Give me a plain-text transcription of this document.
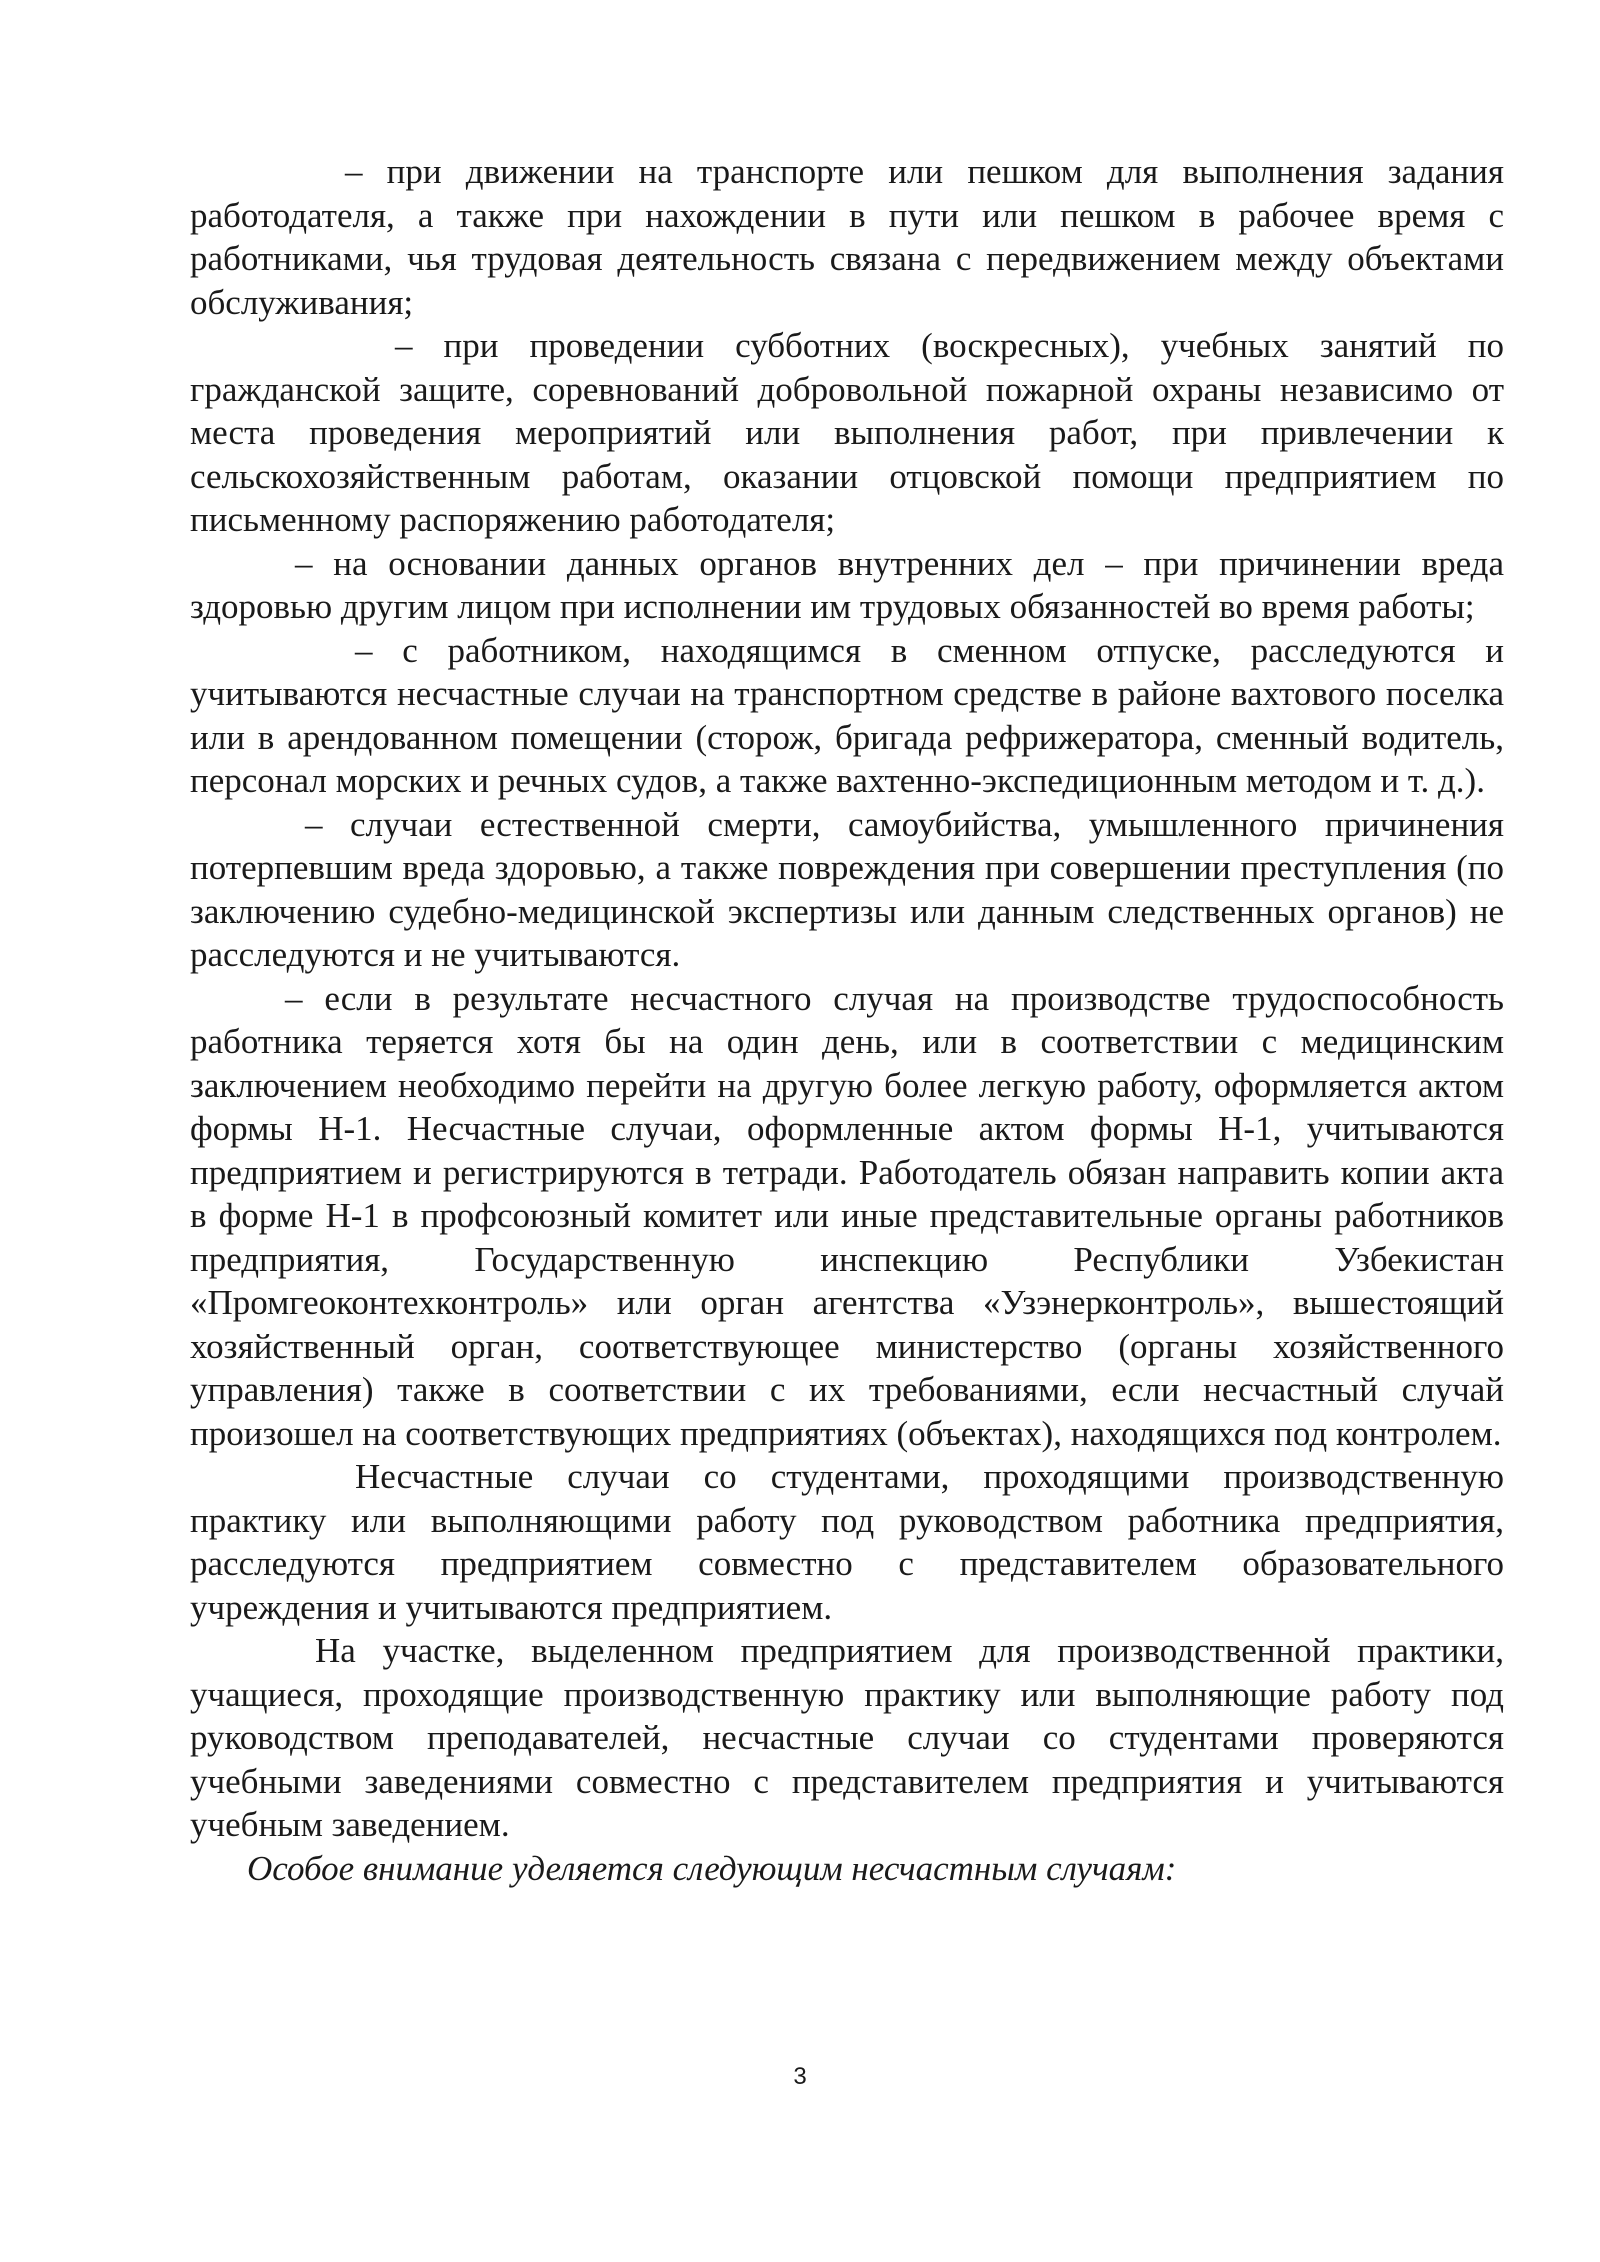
– при движении на транспорте или пешком для выполнения задания работодателя, а также при нахождении в пути или пешком в рабочее время с работниками, чья трудовая деятельность связана с передвижением между объектами обслуживания;

– при проведении субботних (воскресных), учебных занятий по гражданской защите, соревнований добровольной пожарной охраны независимо от места проведения мероприятий или выполнения работ, при привлечении к сельскохозяйственным работам, оказании отцовской помощи предприятием по письменному распоряжению работодателя;

– на основании данных органов внутренних дел – при причинении вреда здоровью другим лицом при исполнении им трудовых обязанностей во время работы;

– с работником, находящимся в сменном отпуске, расследуются и учитываются несчастные случаи на транспортном средстве в районе вахтового поселка или в арендованном помещении (сторож, бригада рефрижератора, сменный водитель, персонал морских и речных судов, а также вахтенно-экспедиционным методом и т. д.).

– случаи естественной смерти, самоубийства, умышленного причинения потерпевшим вреда здоровью, а также повреждения при совершении преступления (по заключению судебно-медицинской экспертизы или данным следственных органов) не расследуются и не учитываются.

– если в результате несчастного случая на производстве трудоспособность работника теряется хотя бы на один день, или в соответствии с медицинским заключением необходимо перейти на другую более легкую работу, оформляется актом формы Н-1. Несчастные случаи, оформленные актом формы Н-1, учитываются предприятием и регистрируются в тетради. Работодатель обязан направить копии акта в форме Н-1 в профсоюзный комитет или иные представительные органы работников предприятия, Государственную инспекцию Республики Узбекистан «Промгеоконтехконтроль» или орган агентства «Узэнерконтроль», вышестоящий хозяйственный орган, соответствующее министерство (органы хозяйственного управления) также в соответствии с их требованиями, если несчастный случай произошел на соответствующих предприятиях (объектах), находящихся под контролем.

Несчастные случаи со студентами, проходящими производственную практику или выполняющими работу под руководством работника предприятия, расследуются предприятием совместно с представителем образовательного учреждения и учитываются предприятием.

На участке, выделенном предприятием для производственной практики, учащиеся, проходящие производственную практику или выполняющие работу под руководством преподавателей, несчастные случаи со студентами проверяются учебными заведениями совместно с представителем предприятия и учитываются учебным заведением.

Особое внимание уделяется следующим несчастным случаям:

3
